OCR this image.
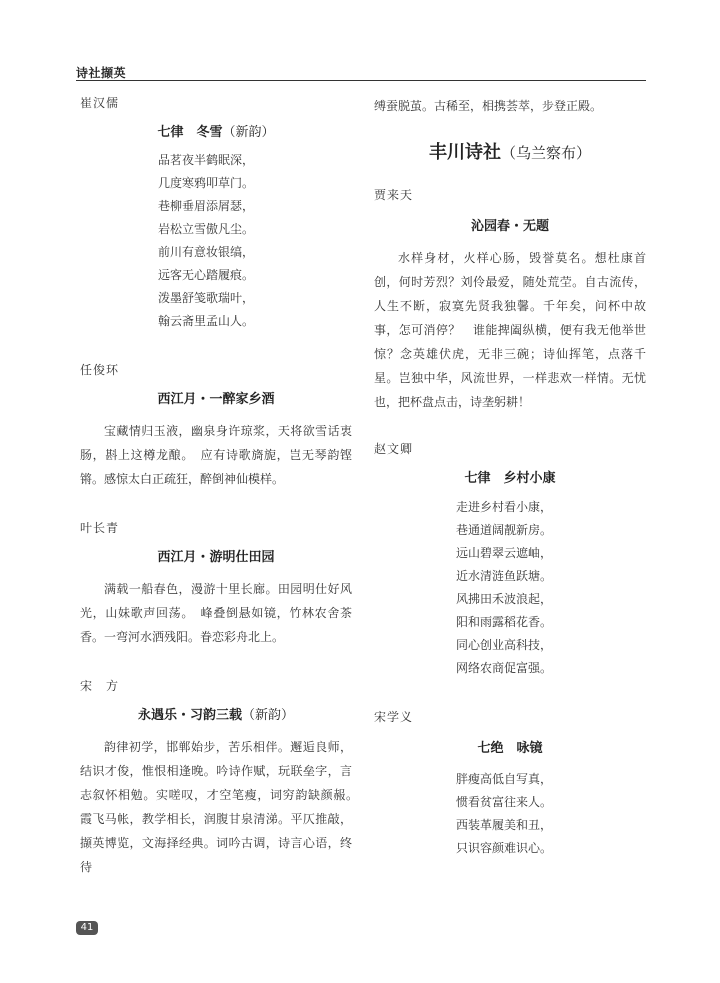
诗社撷英
崔汉儒
七律　冬雪（新韵）
品茗夜半鹤眠深，
几度寒鸦叩草门。
巷柳垂眉添屑瑟，
岩松立雪傲凡尘。
前川有意妆银缟，
远客无心踏履痕。
泼墨舒笺歌瑞叶，
翰云斋里孟山人。
任俊环
西江月・一醉家乡酒

宝藏情归玉液，幽泉身许琼浆，天将欲雪话衷肠，斟上这樽龙酿。　应有诗歌旖旎，岂无琴韵铿锵。感惊太白正疏狂，醉倒神仙模样。

叶长青
西江月・游明仕田园

满载一船春色，漫游十里长廊。田园明仕好风光，山妹歌声回荡。　峰叠倒悬如镜，竹林农舍茶香。一弯河水洒残阳。眷恋彩舟北上。

宋　方
永遇乐・习韵三载（新韵）

韵律初学，邯郸始步，苦乐相伴。邂逅良师，结识才俊，惟恨相逢晚。吟诗作赋，玩联垒字，言志叙怀相勉。实嗟叹，才空笔瘦，词穷韵缺颜赧。　霞飞马帐，教学相长，润腹甘泉清涕。平仄推敲，撷英博览，文海择经典。词吟古调，诗言心语，终待

缚蚕脱茧。古稀至，相携荟萃，步登正殿。

丰川诗社（乌兰察布）
贾来天
沁园春・无题

水样身材，火样心肠，毁誉莫名。想杜康首创，何时芳烈？刘伶最爱，随处荒茔。自古流传，人生不断，寂寞先贤我独馨。千年矣，问杯中故事，怎可消停？　谁能捭阖纵横，便有我无他举世惊？念英雄伏虎，无非三碗；诗仙挥笔，点落千星。岂独中华，风流世界，一样悲欢一样情。无忧也，把杯盘点击，诗垄躬耕！

赵文卿
七律　乡村小康
走进乡村看小康，
巷通道阔靓新房。
远山碧翠云遮岫，
近水清涟鱼跃塘。
风拂田禾波浪起，
阳和雨露稻花香。
同心创业高科技，
网络农商促富强。
宋学义
七绝　咏镜
胖瘦高低自写真，
惯看贫富往来人。
西装革履美和丑，
只识容颜难识心。
41
